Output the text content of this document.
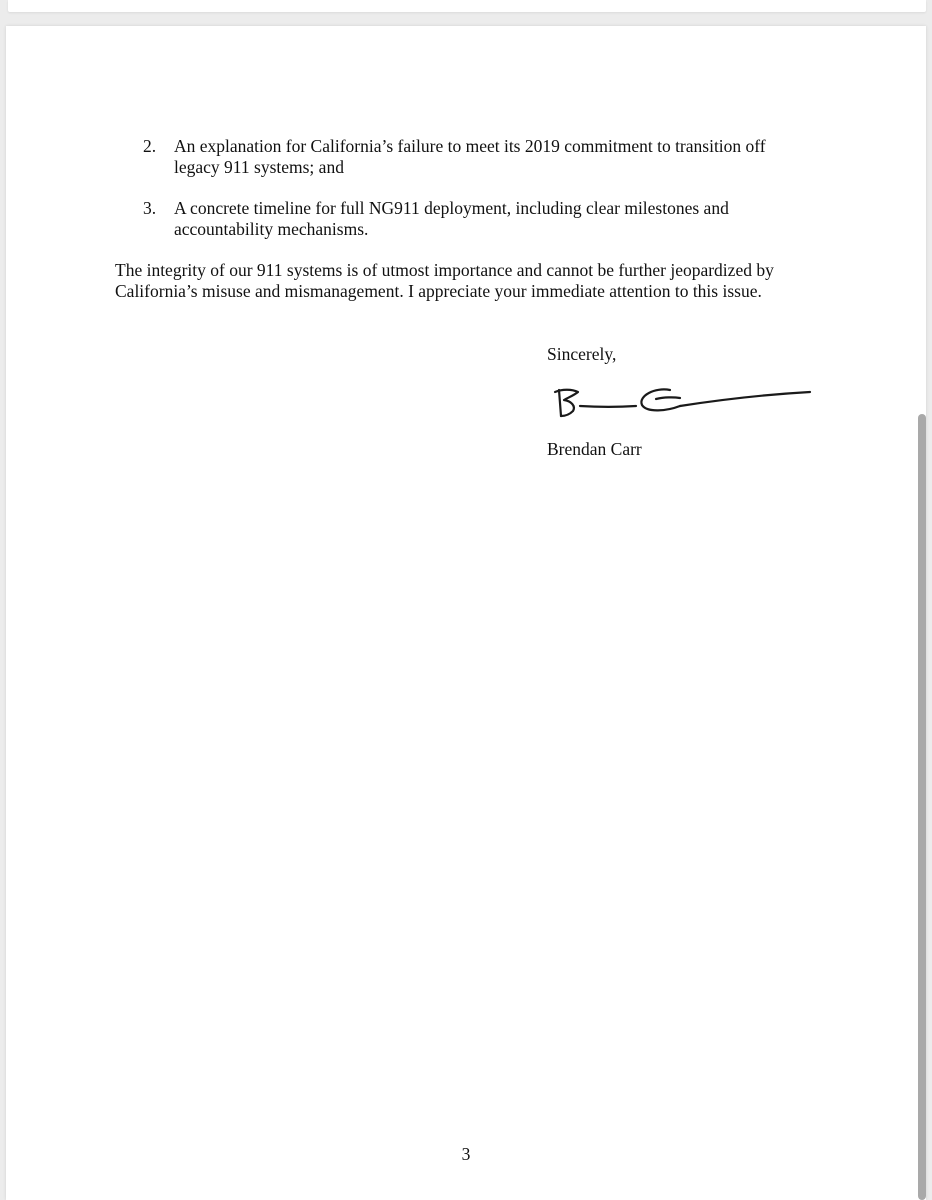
2.	An explanation for California’s failure to meet its 2019 commitment to transition off
legacy 911 systems; and
3.	A concrete timeline for full NG911 deployment, including clear milestones and
accountability mechanisms.
The integrity of our 911 systems is of utmost importance and cannot be further jeopardized by
California’s misuse and mismanagement. I appreciate your immediate attention to this issue.
Sincerely,
Brendan Carr
3
